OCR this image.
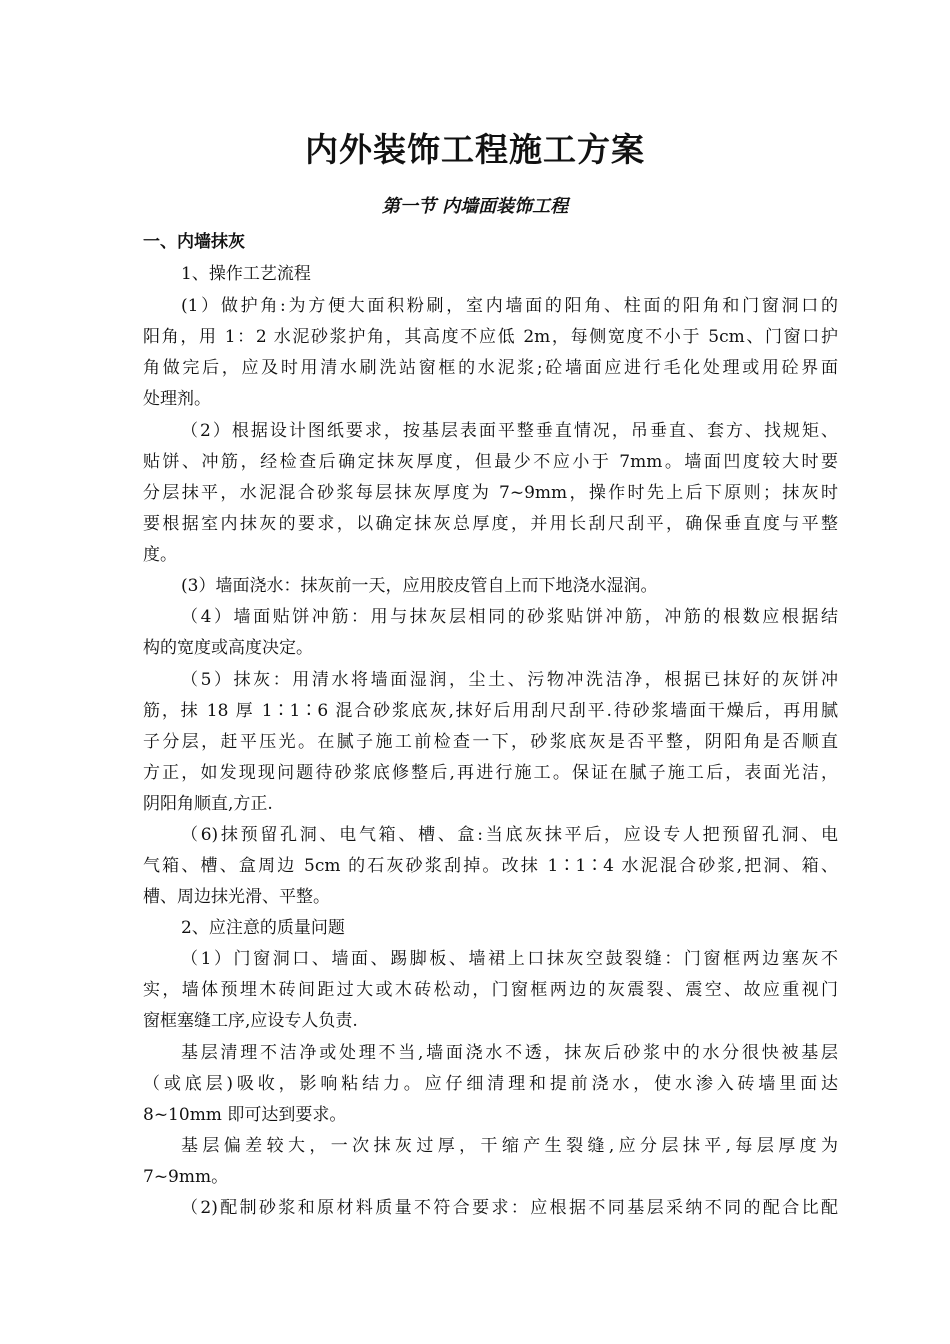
内外装饰工程施工方案
第一节 内墙面装饰工程
一、内墙抹灰
1、操作工艺流程
(1）做护角:为方便大面积粉刷，室内墙面的阳角、柱面的阳角和门窗洞口的
阳角，用 1：2 水泥砂浆护角，其高度不应低 2m，每侧宽度不小于 5cm、门窗口护
角做完后，应及时用清水刷洗站窗框的水泥浆;砼墙面应进行毛化处理或用砼界面
处理剂。
（2）根据设计图纸要求，按基层表面平整垂直情况，吊垂直、套方、找规矩、
贴饼、冲筋，经检查后确定抹灰厚度，但最少不应小于 7mm。墙面凹度较大时要
分层抹平，水泥混合砂浆每层抹灰厚度为 7~9mm，操作时先上后下原则；抹灰时
要根据室内抹灰的要求，以确定抹灰总厚度，并用长刮尺刮平，确保垂直度与平整
度。
(3）墙面浇水：抹灰前一天，应用胶皮管自上而下地浇水湿润。
（4）墙面贴饼冲筋：用与抹灰层相同的砂浆贴饼冲筋，冲筋的根数应根据结
构的宽度或高度决定。
（5）抹灰：用清水将墙面湿润，尘土、污物冲洗洁净，根据已抹好的灰饼冲
筋，抹 18 厚 1∶1∶6 混合砂浆底灰,抹好后用刮尺刮平.待砂浆墙面干燥后，再用腻
子分层，赶平压光。在腻子施工前检查一下，砂浆底灰是否平整，阴阳角是否顺直
方正，如发现现问题待砂浆底修整后,再进行施工。保证在腻子施工后，表面光洁，
阴阳角顺直,方正.
（6)抹预留孔洞、电气箱、槽、盒:当底灰抹平后，应设专人把预留孔洞、电
气箱、槽、盒周边 5cm 的石灰砂浆刮掉。改抹 1∶1∶4 水泥混合砂浆,把洞、箱、
槽、周边抹光滑、平整。
2、应注意的质量问题
（1）门窗洞口、墙面、踢脚板、墙裙上口抹灰空鼓裂缝：门窗框两边塞灰不
实，墙体预埋木砖间距过大或木砖松动，门窗框两边的灰震裂、震空、故应重视门
窗框塞缝工序,应设专人负责.
基层清理不洁净或处理不当,墙面浇水不透，抹灰后砂浆中的水分很快被基层
（或底层)吸收，影响粘结力。应仔细清理和提前浇水，使水渗入砖墙里面达
8~10mm 即可达到要求。
基层偏差较大，一次抹灰过厚，干缩产生裂缝,应分层抹平,每层厚度为
7~9mm。
（2)配制砂浆和原材料质量不符合要求：应根据不同基层采纳不同的配合比配
